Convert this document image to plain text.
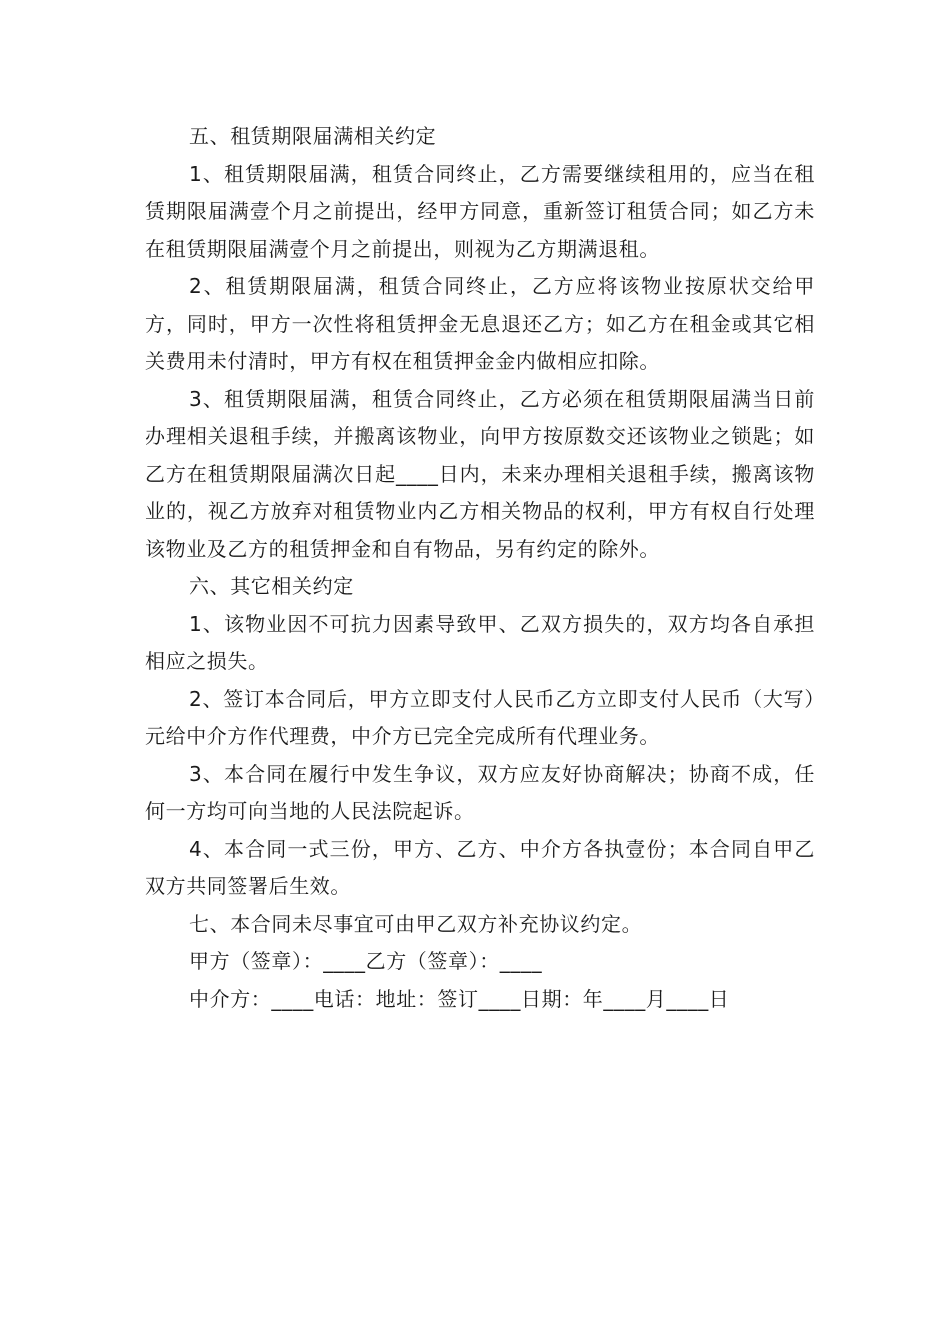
五、租赁期限届满相关约定

1、租赁期限届满，租赁合同终止，乙方需要继续租用的，应当在租赁期限届满壹个月之前提出，经甲方同意，重新签订租赁合同；如乙方未在租赁期限届满壹个月之前提出，则视为乙方期满退租。

2、租赁期限届满，租赁合同终止，乙方应将该物业按原状交给甲方，同时，甲方一次性将租赁押金无息退还乙方；如乙方在租金或其它相关费用未付清时，甲方有权在租赁押金金内做相应扣除。

3、租赁期限届满，租赁合同终止，乙方必须在租赁期限届满当日前办理相关退租手续，并搬离该物业，向甲方按原数交还该物业之锁匙；如乙方在租赁期限届满次日起____日内，未来办理相关退租手续，搬离该物业的，视乙方放弃对租赁物业内乙方相关物品的权利，甲方有权自行处理该物业及乙方的租赁押金和自有物品，另有约定的除外。

六、其它相关约定

1、该物业因不可抗力因素导致甲、乙双方损失的，双方均各自承担相应之损失。

2、签订本合同后，甲方立即支付人民币乙方立即支付人民币（大写）元给中介方作代理费，中介方已完全完成所有代理业务。

3、本合同在履行中发生争议，双方应友好协商解决；协商不成，任何一方均可向当地的人民法院起诉。

4、本合同一式三份，甲方、乙方、中介方各执壹份；本合同自甲乙双方共同签署后生效。

七、本合同未尽事宜可由甲乙双方补充协议约定。

甲方（签章）：____乙方（签章）：____

中介方：____电话：地址：签订____日期：年____月____日
